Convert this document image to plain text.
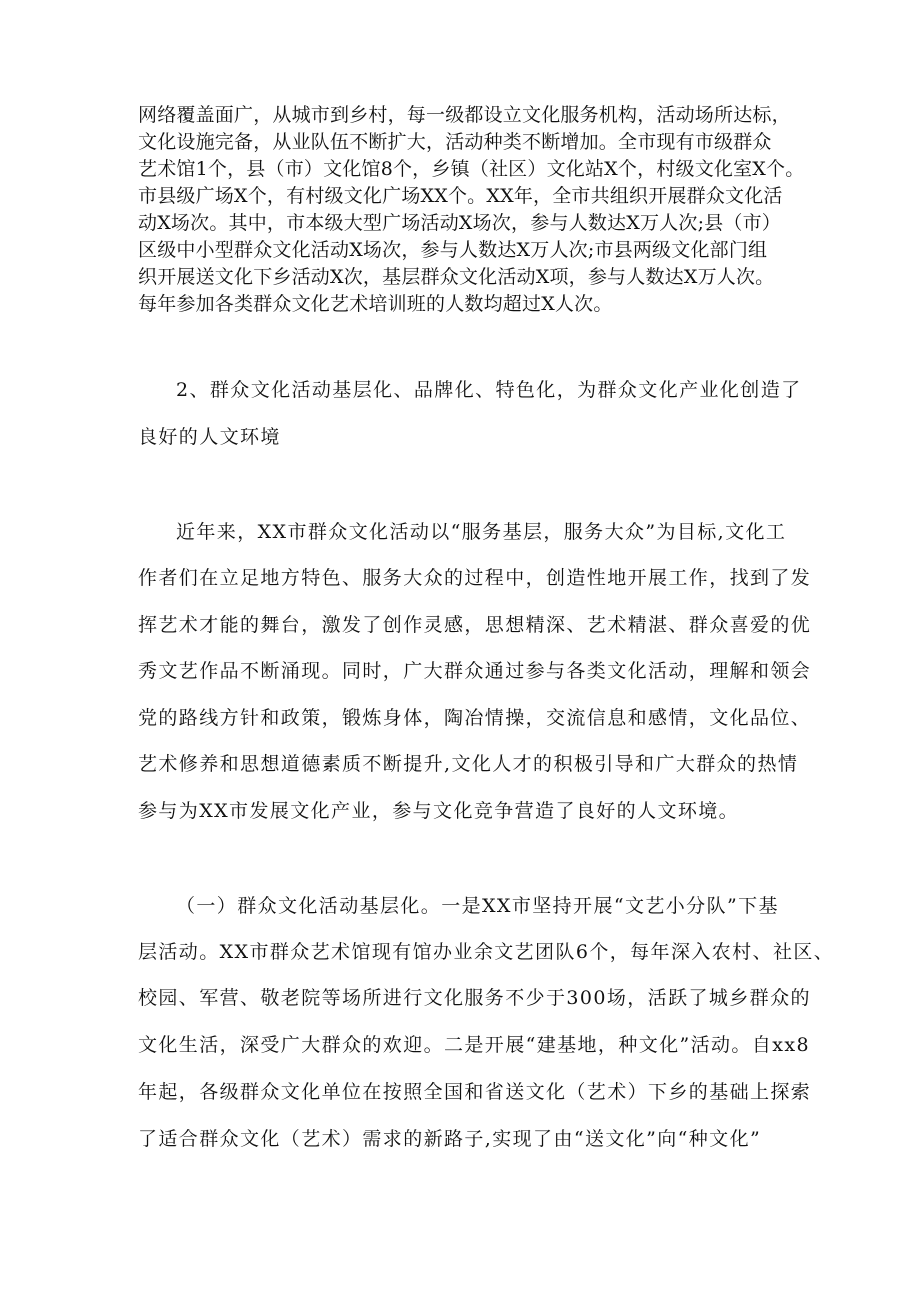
网络覆盖面广，从城市到乡村，每一级都设立文化服务机构，活动场所达标，
文化设施完备，从业队伍不断扩大，活动种类不断增加。全市现有市级群众
艺术馆1个，县（市）文化馆8个，乡镇（社区）文化站X个，村级文化室X个。
市县级广场X个，有村级文化广场XX个。XX年，全市共组织开展群众文化活
动X场次。其中，市本级大型广场活动X场次，参与人数达X万人次;县（市）
区级中小型群众文化活动X场次，参与人数达X万人次;市县两级文化部门组
织开展送文化下乡活动X次，基层群众文化活动X项，参与人数达X万人次。
每年参加各类群众文化艺术培训班的人数均超过X人次。
2、群众文化活动基层化、品牌化、特色化，为群众文化产业化创造了
良好的人文环境
近年来，XX市群众文化活动以“服务基层，服务大众”为目标,文化工
作者们在立足地方特色、服务大众的过程中，创造性地开展工作，找到了发
挥艺术才能的舞台，激发了创作灵感，思想精深、艺术精湛、群众喜爱的优
秀文艺作品不断涌现。同时，广大群众通过参与各类文化活动，理解和领会
党的路线方针和政策，锻炼身体，陶冶情操，交流信息和感情，文化品位、
艺术修养和思想道德素质不断提升,文化人才的积极引导和广大群众的热情
参与为XX市发展文化产业，参与文化竞争营造了良好的人文环境。
（一）群众文化活动基层化。一是XX市坚持开展“文艺小分队”下基
层活动。XX市群众艺术馆现有馆办业余文艺团队6个，每年深入农村、社区、
校园、军营、敬老院等场所进行文化服务不少于300场，活跃了城乡群众的
文化生活，深受广大群众的欢迎。二是开展“建基地，种文化”活动。自xx8
年起，各级群众文化单位在按照全国和省送文化（艺术）下乡的基础上探索
了适合群众文化（艺术）需求的新路子,实现了由“送文化”向“种文化”
